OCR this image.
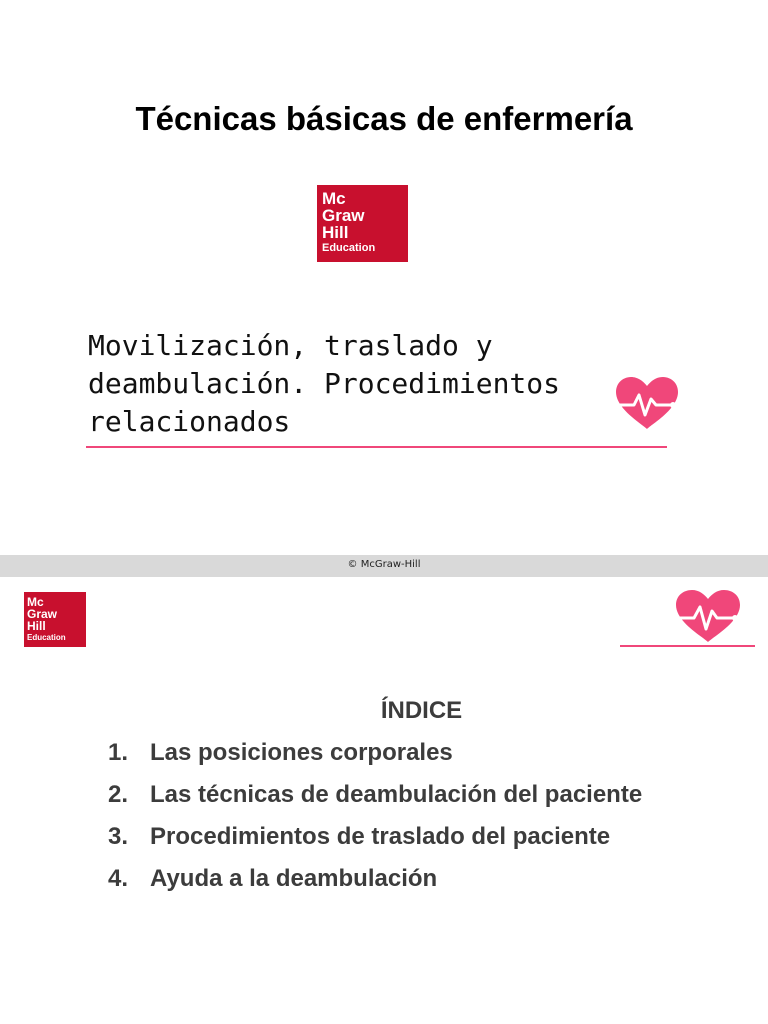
Técnicas básicas de enfermería
Mc
Graw
Hill
Education
Movilización, traslado y
deambulación. Procedimientos
relacionados
© McGraw-Hill
Mc
Graw
Hill
Education
ÍNDICE
1. Las posiciones corporales
2. Las técnicas de deambulación del paciente
3. Procedimientos de traslado del paciente
4. Ayuda a la deambulación
